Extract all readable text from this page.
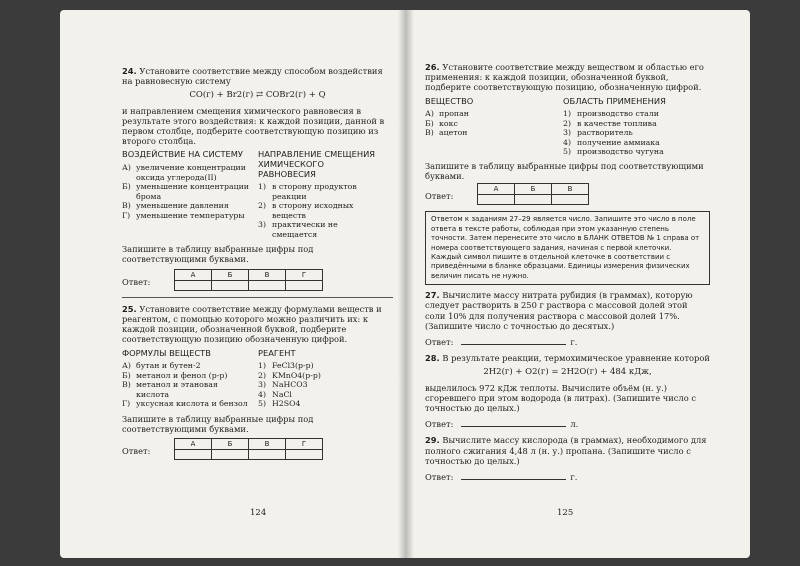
24. Установите соответствие между способом воздействия на равновесную систему
CO(г) + Br2(г) ⇄ COBr2(г) + Q
и направлением смещения химического равновесия в результате этого воздействия: к каждой позиции, данной в первом столбце, подберите соответствующую позицию из второго столбца.
ВОЗДЕЙСТВИЕ НА СИСТЕМУ
А) увеличение концентрации оксида углерода(II)
Б) уменьшение концентрации брома
В) уменьшение давления
Г) уменьшение температуры
НАПРАВЛЕНИЕ СМЕЩЕНИЯ ХИМИЧЕСКОГО РАВНОВЕСИЯ
1) в сторону продуктов реакции
2) в сторону исходных веществ
3) практически не смещается
Запишите в таблицу выбранные цифры под соответствующими буквами.
Ответ:
А	Б	В	Г

25. Установите соответствие между формулами веществ и реагентом, с помощью которого можно различить их: к каждой позиции, обозначенной буквой, подберите соответствующую позицию обозначенную цифрой.
ФОРМУЛЫ ВЕЩЕСТВ
А) бутан и бутен-2
Б) метанол и фенол (р-р)
В) метанол и этановая кислота
Г) уксусная кислота и бензол
РЕАГЕНТ
1) FeCl3(р-р)
2) KMnO4(р-р)
3) NaHCO3
4) NaCl
5) H2SO4
Запишите в таблицу выбранные цифры под соответствующими буквами.
Ответ:
А	Б	В	Г

124
26. Установите соответствие между веществом и областью его применения: к каждой позиции, обозначенной буквой, подберите соответствующую позицию, обозначенную цифрой.
ВЕЩЕСТВО
А) пропан
Б) кокс
В) ацетон
ОБЛАСТЬ ПРИМЕНЕНИЯ
1) производство стали
2) в качестве топлива
3) растворитель
4) получение аммиака
5) производство чугуна
Запишите в таблицу выбранные цифры под соответствующими буквами.
Ответ:
А	Б	В

Ответом к заданиям 27–29 является число. Запишите это число в поле ответа в тексте работы, соблюдая при этом указанную степень точности. Затем перенесите это число в БЛАНК ОТВЕТОВ № 1 справа от номера соответствующего задания, начиная с первой клеточки. Каждый символ пишите в отдельной клеточке в соответствии с приведёнными в бланке образцами. Единицы измерения физических величин писать не нужно.
27. Вычислите массу нитрата рубидия (в граммах), которую следует растворить в 250 г раствора с массовой долей этой соли 10% для получения раствора с массовой долей 17%. (Запишите число с точностью до десятых.)
Ответ:	г.
28. В результате реакции, термохимическое уравнение которой
2H2(г) + O2(г) = 2H2O(г) + 484 кДж,
выделилось 972 кДж теплоты. Вычислите объём (н. у.) сгоревшего при этом водорода (в литрах). (Запишите число с точностью до целых.)
Ответ:	л.
29. Вычислите массу кислорода (в граммах), необходимого для полного сжигания 4,48 л (н. у.) пропана. (Запишите число с точностью до целых.)
Ответ:	г.
125
